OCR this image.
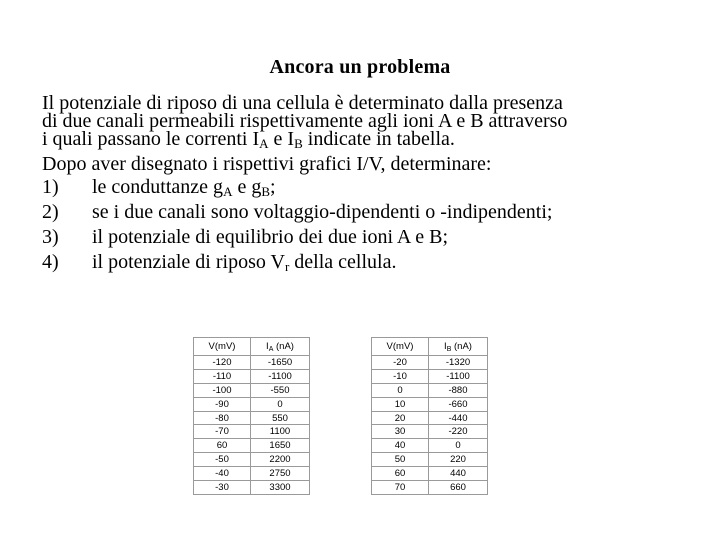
Ancora un problema

Il potenziale di riposo di una cellula è determinato dalla presenza

di due canali permeabili rispettivamente agli ioni A e B attraverso

i quali passano le correnti $I_A$ e $I_B$ indicate in tabella.

Dopo aver disegnato i rispettivi grafici I/V, determinare:

1)	le conduttanze $g_A$ e $g_B$;
2)	se i due canali sono voltaggio-dipendenti o -indipendenti;
3)	il potenziale di equilibrio dei due ioni A e B;
4)	il potenziale di riposo $V_r$ della cellula.
V(mV)	$I_A$ (nA)
-120	-1650
-110	-1100
-100	-550
-90	0
-80	550
-70	1100
60	1650
-50	2200
-40	2750
-30	3300
V(mV)	$I_B$ (nA)
-20	-1320
-10	-1100
0	-880
10	-660
20	-440
30	-220
40	0
50	220
60	440
70	660
